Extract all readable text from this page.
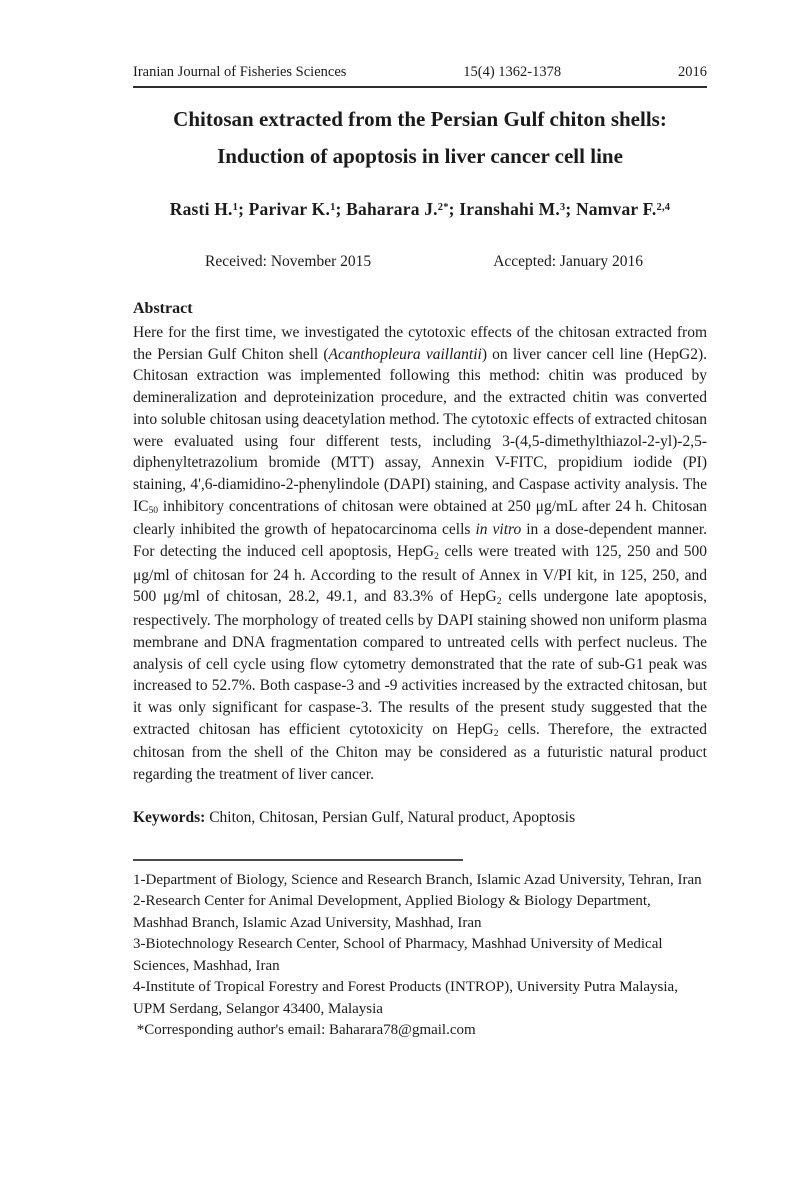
Iranian Journal of Fisheries Sciences	15(4) 1362-1378	2016
Chitosan extracted from the Persian Gulf chiton shells:
Induction of apoptosis in liver cancer cell line
Rasti H.$^1$; Parivar K.$^1$; Baharara J.$^{2*}$; Iranshahi M.$^3$; Namvar F.$^{2,4}$
Received: November 2015	Accepted: January 2016
Abstract

Here for the first time, we investigated the cytotoxic effects of the chitosan extracted from the Persian Gulf Chiton shell (Acanthopleura vaillantii) on liver cancer cell line (HepG2). Chitosan extraction was implemented following this method: chitin was produced by demineralization and deproteinization procedure, and the extracted chitin was converted into soluble chitosan using deacetylation method. The cytotoxic effects of extracted chitosan were evaluated using four different tests, including 3-(4,5-dimethylthiazol-2-yl)-2,5-diphenyltetrazolium bromide (MTT) assay, Annexin V-FITC, propidium iodide (PI) staining, 4',6-diamidino-2-phenylindole (DAPI) staining, and Caspase activity analysis. The $IC_{50}$ inhibitory concentrations of chitosan were obtained at 250 μg/mL after 24 h. Chitosan clearly inhibited the growth of hepatocarcinoma cells in vitro in a dose-dependent manner. For detecting the induced cell apoptosis, HepG$_2$ cells were treated with 125, 250 and 500 μg/ml of chitosan for 24 h. According to the result of Annex in V/PI kit, in 125, 250, and 500 μg/ml of chitosan, 28.2, 49.1, and 83.3% of HepG$_2$ cells undergone late apoptosis, respectively. The morphology of treated cells by DAPI staining showed non uniform plasma membrane and DNA fragmentation compared to untreated cells with perfect nucleus. The analysis of cell cycle using flow cytometry demonstrated that the rate of sub-G1 peak was increased to 52.7%. Both caspase-3 and -9 activities increased by the extracted chitosan, but it was only significant for caspase-3. The results of the present study suggested that the extracted chitosan has efficient cytotoxicity on HepG$_2$ cells. Therefore, the extracted chitosan from the shell of the Chiton may be considered as a futuristic natural product regarding the treatment of liver cancer.

Keywords: Chiton, Chitosan, Persian Gulf, Natural product, Apoptosis

1-Department of Biology, Science and Research Branch, Islamic Azad University, Tehran, Iran

2-Research Center for Animal Development, Applied Biology & Biology Department, Mashhad Branch, Islamic Azad University, Mashhad, Iran

3-Biotechnology Research Center, School of Pharmacy, Mashhad University of Medical Sciences, Mashhad, Iran

4-Institute of Tropical Forestry and Forest Products (INTROP), University Putra Malaysia, UPM Serdang, Selangor 43400, Malaysia

*Corresponding author's email: Baharara78@gmail.com
